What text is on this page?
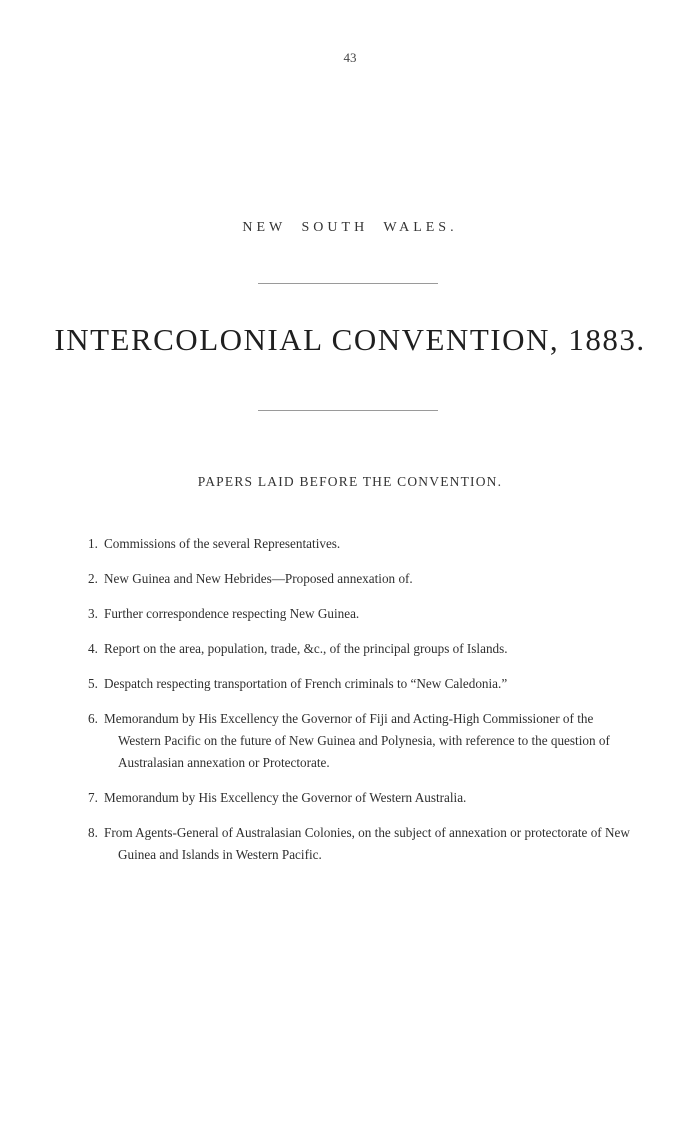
43
NEW SOUTH WALES.
INTERCOLONIAL CONVENTION, 1883.
PAPERS LAID BEFORE THE CONVENTION.
1. Commissions of the several Representatives.
2. New Guinea and New Hebrides—Proposed annexation of.
3. Further correspondence respecting New Guinea.
4. Report on the area, population, trade, &c., of the principal groups of Islands.
5. Despatch respecting transportation of French criminals to “New Caledonia.”
6. Memorandum by His Excellency the Governor of Fiji and Acting-High Commissioner of the Western Pacific on the future of New Guinea and Polynesia, with reference to the question of Australasian annexation or Protectorate.
7. Memorandum by His Excellency the Governor of Western Australia.
8. From Agents-General of Australasian Colonies, on the subject of annexation or protectorate of New Guinea and Islands in Western Pacific.
